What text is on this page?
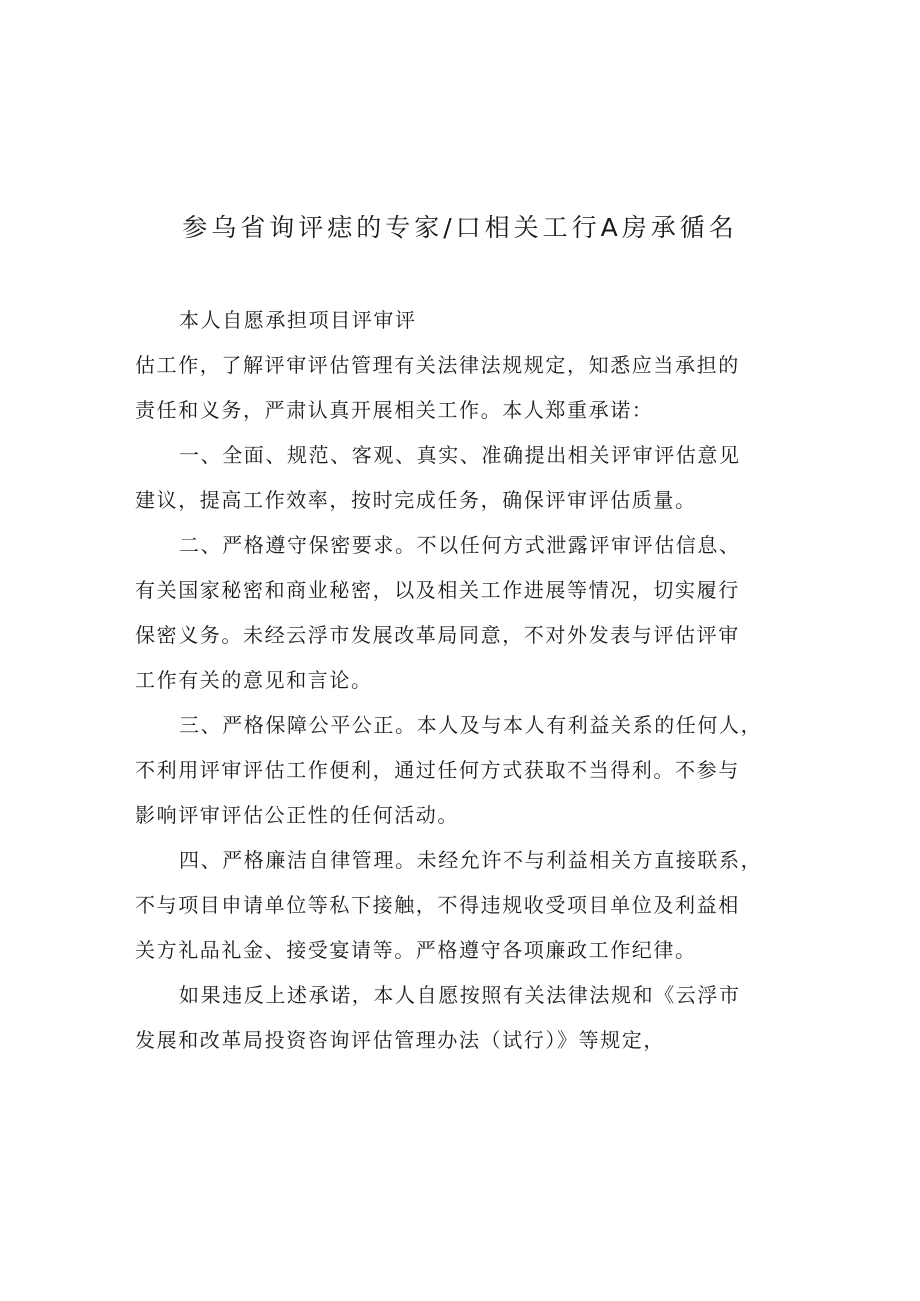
参乌省询评痣的专家/口相关工行A房承循名
本人自愿承担项目评审评
估工作，了解评审评估管理有关法律法规规定，知悉应当承担的
责任和义务，严肃认真开展相关工作。本人郑重承诺：
一、全面、规范、客观、真实、准确提出相关评审评估意见
建议，提高工作效率，按时完成任务，确保评审评估质量。
二、严格遵守保密要求。不以任何方式泄露评审评估信息、
有关国家秘密和商业秘密，以及相关工作进展等情况，切实履行
保密义务。未经云浮市发展改革局同意，不对外发表与评估评审
工作有关的意见和言论。
三、严格保障公平公正。本人及与本人有利益关系的任何人，
不利用评审评估工作便利，通过任何方式获取不当得利。不参与
影响评审评估公正性的任何活动。
四、严格廉洁自律管理。未经允许不与利益相关方直接联系，
不与项目申请单位等私下接触，不得违规收受项目单位及利益相
关方礼品礼金、接受宴请等。严格遵守各项廉政工作纪律。
如果违反上述承诺，本人自愿按照有关法律法规和《云浮市
发展和改革局投资咨询评估管理办法（试行）》等规定，
